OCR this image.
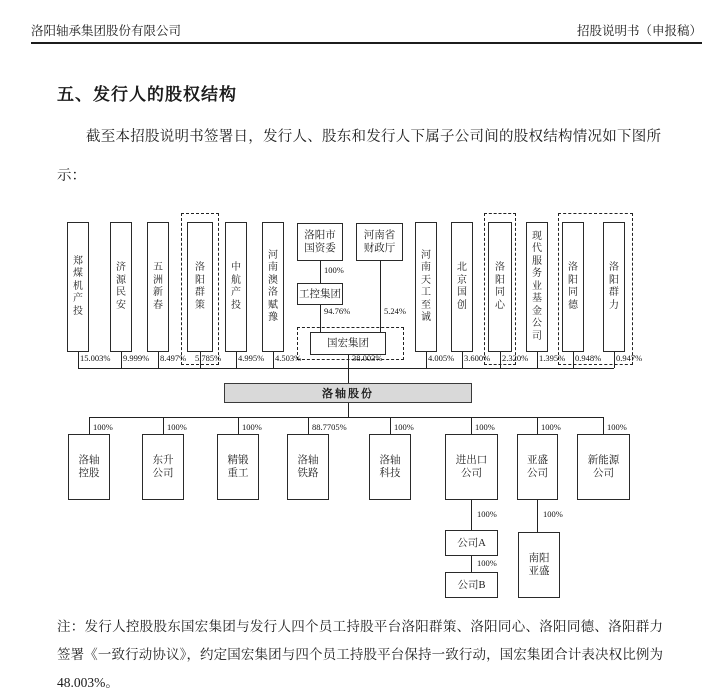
洛阳轴承集团股份有限公司	招股说明书（申报稿）
五、发行人的股权结构

截至本招股说明书签署日，发行人、股东和发行人下属子公司间的股权结构情况如下图所示：

郑煤机产投
济源民安
五洲新春
洛阳群策
中航产投
河南澳洛赋豫
河南天工至诚
北京国创
洛阳同心
现代服务业基金公司
洛阳同德
洛阳群力
洛阳市国资委
河南省财政厅
工控集团
国宏集团
洛轴股份
洛轴控股
东升公司
精锻重工
洛轴铁路
洛轴科技
进出口公司
亚盛公司
新能源公司
公司A
公司B
南阳亚盛
15.003% 9.999% 8.497% 5.785% 4.995% 4.503%	4.005% 3.600% 2.320% 1.395% 0.948% 0.947%
100%
94.76%	5.24%
38.003%
100%	100%	100%	88.7705%	100%	100%	100%	100%
100%
100%
100%

注：发行人控股股东国宏集团与发行人四个员工持股平台洛阳群策、洛阳同心、洛阳同德、洛阳群力签署《一致行动协议》，约定国宏集团与四个员工持股平台保持一致行动，国宏集团合计表决权比例为 48.003%。
